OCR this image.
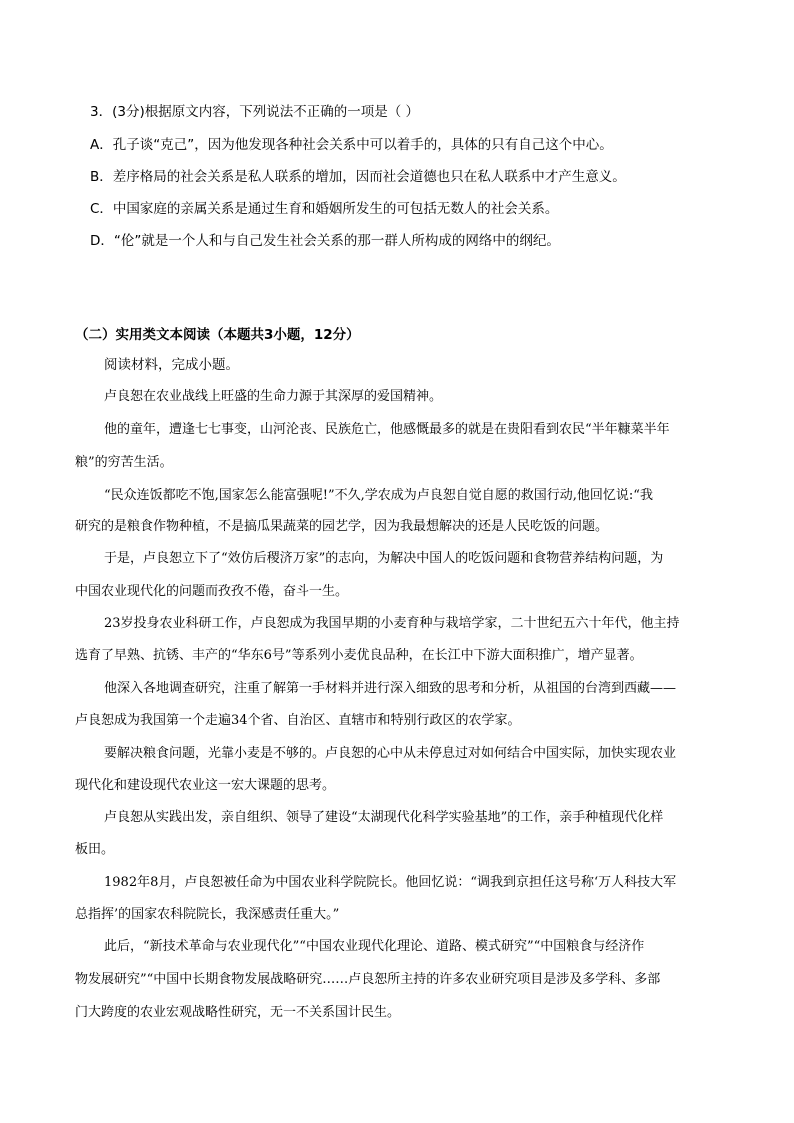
3．(3分)根据原文内容，下列说法不正确的一项是（ ）
A．孔子谈“克己”，因为他发现各种社会关系中可以着手的，具体的只有自己这个中心。
B．差序格局的社会关系是私人联系的增加，因而社会道德也只在私人联系中才产生意义。
C．中国家庭的亲属关系是通过生育和婚姻所发生的可包括无数人的社会关系。
D．“伦”就是一个人和与自己发生社会关系的那一群人所构成的网络中的纲纪。
（二）实用类文本阅读（本题共3小题，12分）
阅读材料，完成小题。
卢良恕在农业战线上旺盛的生命力源于其深厚的爱国精神。
他的童年，遭逢七七事变，山河沦丧、民族危亡，他感慨最多的就是在贵阳看到农民“半年糠菜半年
粮”的穷苦生活。
“民众连饭都吃不饱,国家怎么能富强呢!”不久,学农成为卢良恕自觉自愿的救国行动,他回忆说:“我
研究的是粮食作物种植，不是搞瓜果蔬菜的园艺学，因为我最想解决的还是人民吃饭的问题。
于是，卢良恕立下了“效仿后稷济万家”的志向，为解决中国人的吃饭问题和食物营养结构问题，为
中国农业现代化的问题而孜孜不倦，奋斗一生。
23岁投身农业科研工作，卢良恕成为我国早期的小麦育种与栽培学家，二十世纪五六十年代，他主持
选育了早熟、抗锈、丰产的“华东6号”等系列小麦优良品种，在长江中下游大面积推广，增产显著。
他深入各地调查研究，注重了解第一手材料并进行深入细致的思考和分析，从祖国的台湾到西藏——
卢良恕成为我国第一个走遍34个省、自治区、直辖市和特别行政区的农学家。
要解决粮食问题，光靠小麦是不够的。卢良恕的心中从未停息过对如何结合中国实际，加快实现农业
现代化和建设现代农业这一宏大课题的思考。
卢良恕从实践出发，亲自组织、领导了建设“太湖现代化科学实验基地”的工作，亲手种植现代化样
板田。
1982年8月，卢良恕被任命为中国农业科学院院长。他回忆说：“调我到京担任这号称‘万人科技大军
总指挥’的国家农科院院长，我深感责任重大。”
此后，“新技术革命与农业现代化”“中国农业现代化理论、道路、模式研究”“中国粮食与经济作
物发展研究”“中国中长期食物发展战略研究……卢良恕所主持的许多农业研究项目是涉及多学科、多部
门大跨度的农业宏观战略性研究，无一不关系国计民生。
